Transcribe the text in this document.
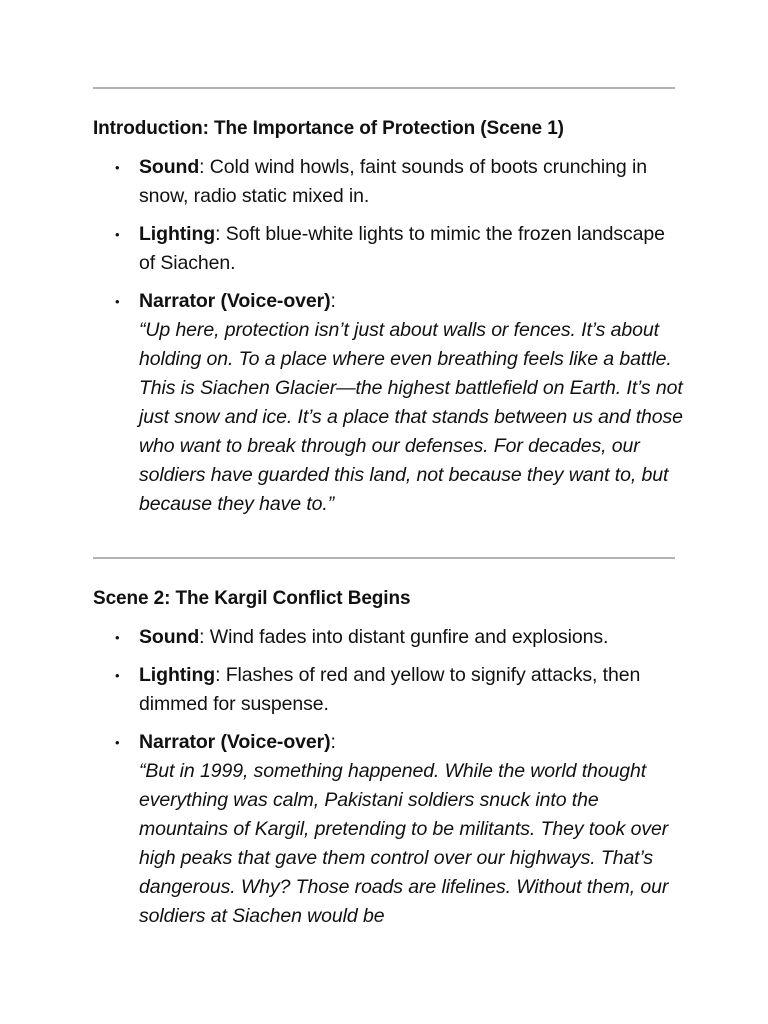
Introduction: The Importance of Protection (Scene 1)
• Sound: Cold wind howls, faint sounds of boots crunching in snow, radio static mixed in.
• Lighting: Soft blue-white lights to mimic the frozen landscape of Siachen.
• Narrator (Voice-over):
“Up here, protection isn’t just about walls or fences. It’s about holding on. To a place where even breathing feels like a battle. This is Siachen Glacier—the highest battlefield on Earth. It’s not just snow and ice. It’s a place that stands between us and those who want to break through our defenses. For decades, our soldiers have guarded this land, not because they want to, but because they have to.”
Scene 2: The Kargil Conflict Begins
• Sound: Wind fades into distant gunfire and explosions.
• Lighting: Flashes of red and yellow to signify attacks, then dimmed for suspense.
• Narrator (Voice-over):
“But in 1999, something happened. While the world thought everything was calm, Pakistani soldiers snuck into the mountains of Kargil, pretending to be militants. They took over high peaks that gave them control over our highways. That’s dangerous. Why? Those roads are lifelines. Without them, our soldiers at Siachen would be
